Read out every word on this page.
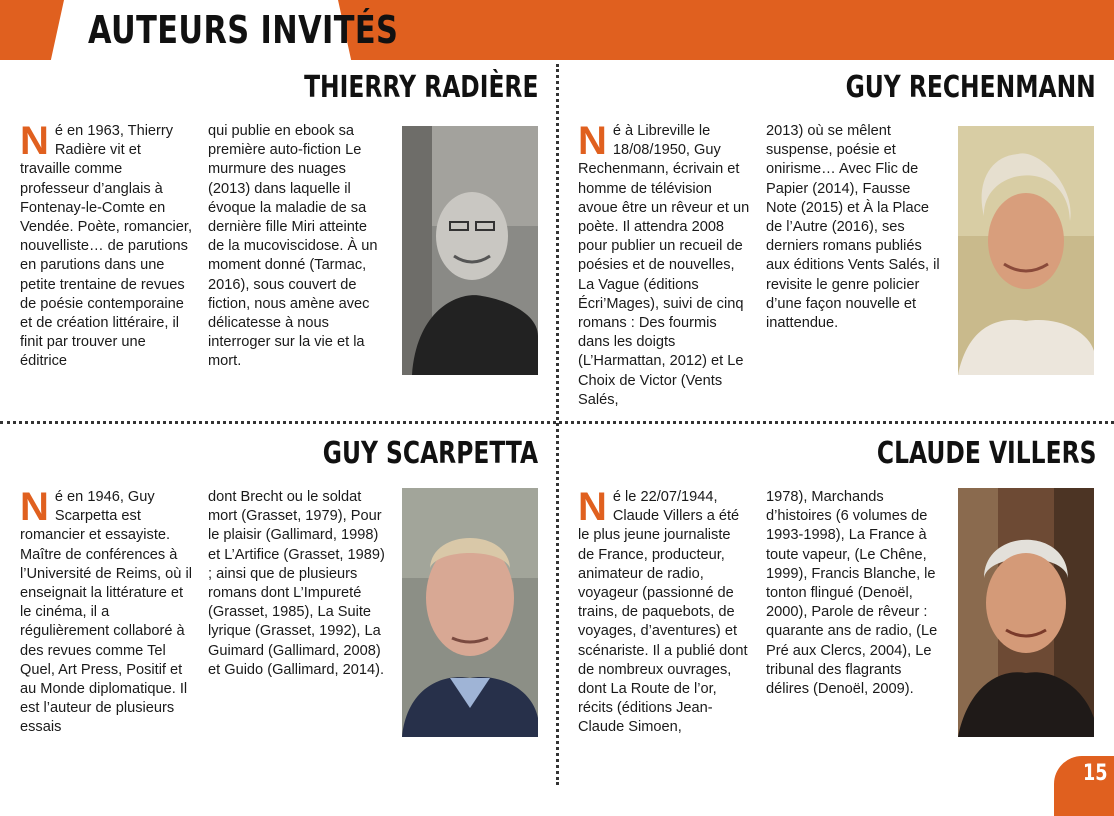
AUTEURS INVITÉS
THIERRY RADIÈRE
N é en 1963, Thierry Radière vit et travaille comme professeur d’anglais à Fontenay-le-Comte en Vendée. Poète, romancier, nouvelliste… de parutions en parutions dans une petite trentaine de revues de poésie contemporaine et de création littéraire, il finit par trouver une éditrice

qui publie en ebook sa première auto-fiction Le murmure des nuages (2013) dans laquelle il évoque la maladie de sa dernière fille Miri atteinte de la mucoviscidose. À un moment donné (Tarmac, 2016), sous couvert de fiction, nous amène avec délicatesse à nous interroger sur la vie et la mort.

GUY RECHENMANN
N é à Libreville le 18/08/1950, Guy Rechenmann, écrivain et homme de télévision avoue être un rêveur et un poète. Il attendra 2008 pour publier un recueil de poésies et de nouvelles, La Vague (éditions Écri’Mages), suivi de cinq romans : Des fourmis dans les doigts (L’Harmattan, 2012) et Le Choix de Victor (Vents Salés,

2013) où se mêlent suspense, poésie et onirisme… Avec Flic de Papier (2014), Fausse Note (2015) et À la Place de l’Autre (2016), ses derniers romans publiés aux éditions Vents Salés, il revisite le genre policier d’une façon nouvelle et inattendue.

GUY SCARPETTA
N é en 1946, Guy Scarpetta est romancier et essayiste. Maître de conférences à l’Université de Reims, où il enseignait la littérature et le cinéma, il a régulièrement collaboré à des revues comme Tel Quel, Art Press, Positif et au Monde diplomatique. Il est l’auteur de plusieurs essais

dont Brecht ou le soldat mort (Grasset, 1979), Pour le plaisir (Gallimard, 1998) et L’Artifice (Grasset, 1989) ; ainsi que de plusieurs romans dont L’Impureté (Grasset, 1985), La Suite lyrique (Grasset, 1992), La Guimard (Gallimard, 2008) et Guido (Gallimard, 2014).

CLAUDE VILLERS
N é le 22/07/1944, Claude Villers a été le plus jeune journaliste de France, producteur, animateur de radio, voyageur (passionné de trains, de paquebots, de voyages, d’aventures) et scénariste. Il a publié dont de nombreux ouvrages, dont La Route de l’or, récits (éditions Jean-Claude Simoen,

1978), Marchands d’histoires (6 volumes de 1993-1998), La France à toute vapeur, (Le Chêne, 1999), Francis Blanche, le tonton flingué (Denoël, 2000), Parole de rêveur : quarante ans de radio, (Le Pré aux Clercs, 2004), Le tribunal des flagrants délires (Denoël, 2009).

15
